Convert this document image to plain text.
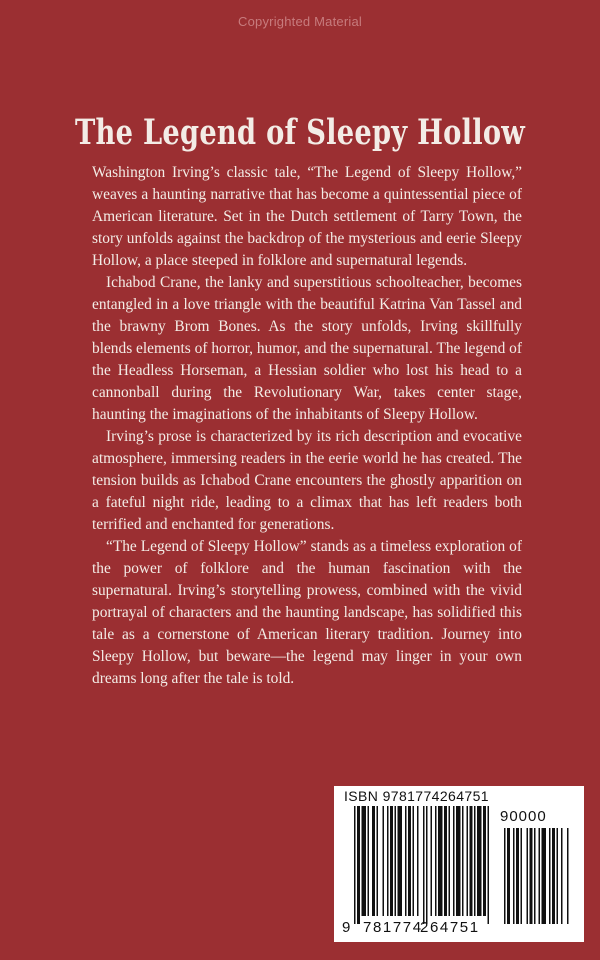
Copyrighted Material
The Legend of Sleepy Hollow

Washington Irving’s classic tale, “The Legend of Sleepy Hollow,” weaves a haunting narrative that has become a quintessential piece of American literature. Set in the Dutch settlement of Tarry Town, the story unfolds against the backdrop of the mysterious and eerie Sleepy Hollow, a place steeped in folklore and supernatural legends.

Ichabod Crane, the lanky and superstitious schoolteacher, becomes entangled in a love triangle with the beautiful Katrina Van Tassel and the brawny Brom Bones. As the story unfolds, Irving skillfully blends elements of horror, humor, and the supernatural. The legend of the Headless Horseman, a Hessian soldier who lost his head to a cannonball during the Revolutionary War, takes center stage, haunting the imaginations of the inhabitants of Sleepy Hollow.

Irving’s prose is characterized by its rich description and evocative atmosphere, immersing readers in the eerie world he has created. The tension builds as Ichabod Crane encounters the ghostly apparition on a fateful night ride, leading to a climax that has left readers both terrified and enchanted for generations.

“The Legend of Sleepy Hollow” stands as a timeless exploration of the power of folklore and the human fascination with the supernatural. Irving’s storytelling prowess, combined with the vivid portrayal of characters and the haunting landscape, has solidified this tale as a cornerstone of American literary tradition. Journey into Sleepy Hollow, but beware—the legend may linger in your own dreams long after the tale is told.

ISBN 9781774264751
90000
9 781774
264751
